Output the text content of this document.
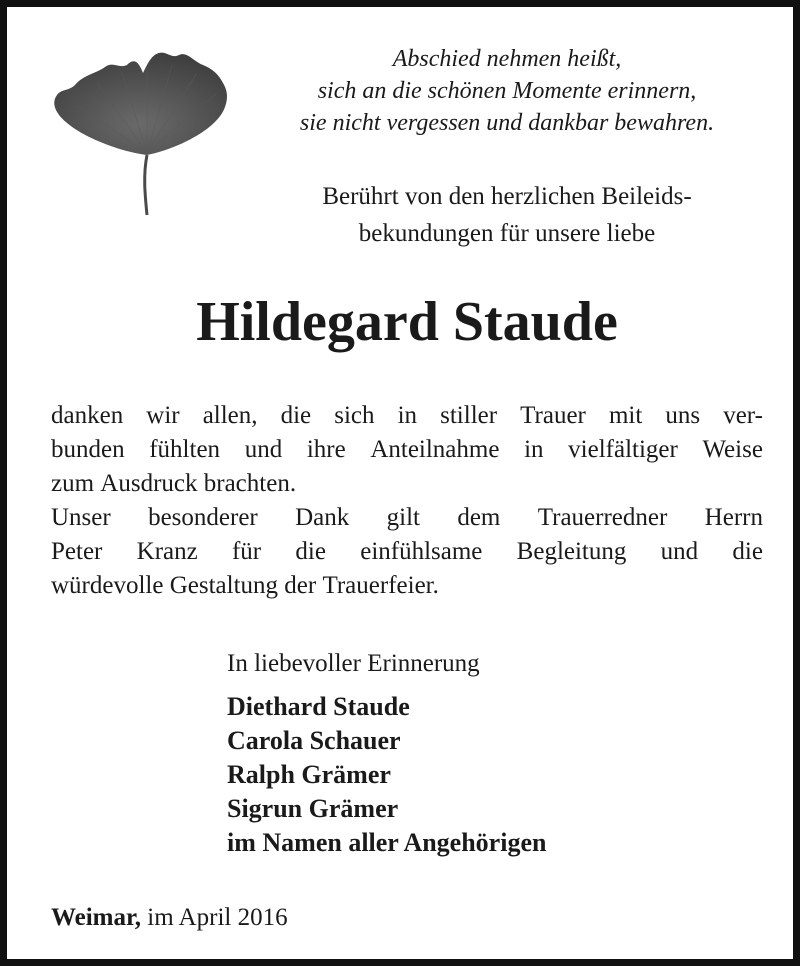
Abschied nehmen heißt,
sich an die schönen Momente erinnern,
sie nicht vergessen und dankbar bewahren.
Berührt von den herzlichen Beileids-
bekundungen für unsere liebe
Hildegard Staude
danken wir allen, die sich in stiller Trauer mit uns ver-
bunden fühlten und ihre Anteilnahme in vielfältiger Weise
zum Ausdruck brachten.
Unser besonderer Dank gilt dem Trauerredner Herrn
Peter Kranz für die einfühlsame Begleitung und die
würdevolle Gestaltung der Trauerfeier.
In liebevoller Erinnerung
Diethard Staude
Carola Schauer
Ralph Grämer
Sigrun Grämer
im Namen aller Angehörigen
Weimar, im April 2016
